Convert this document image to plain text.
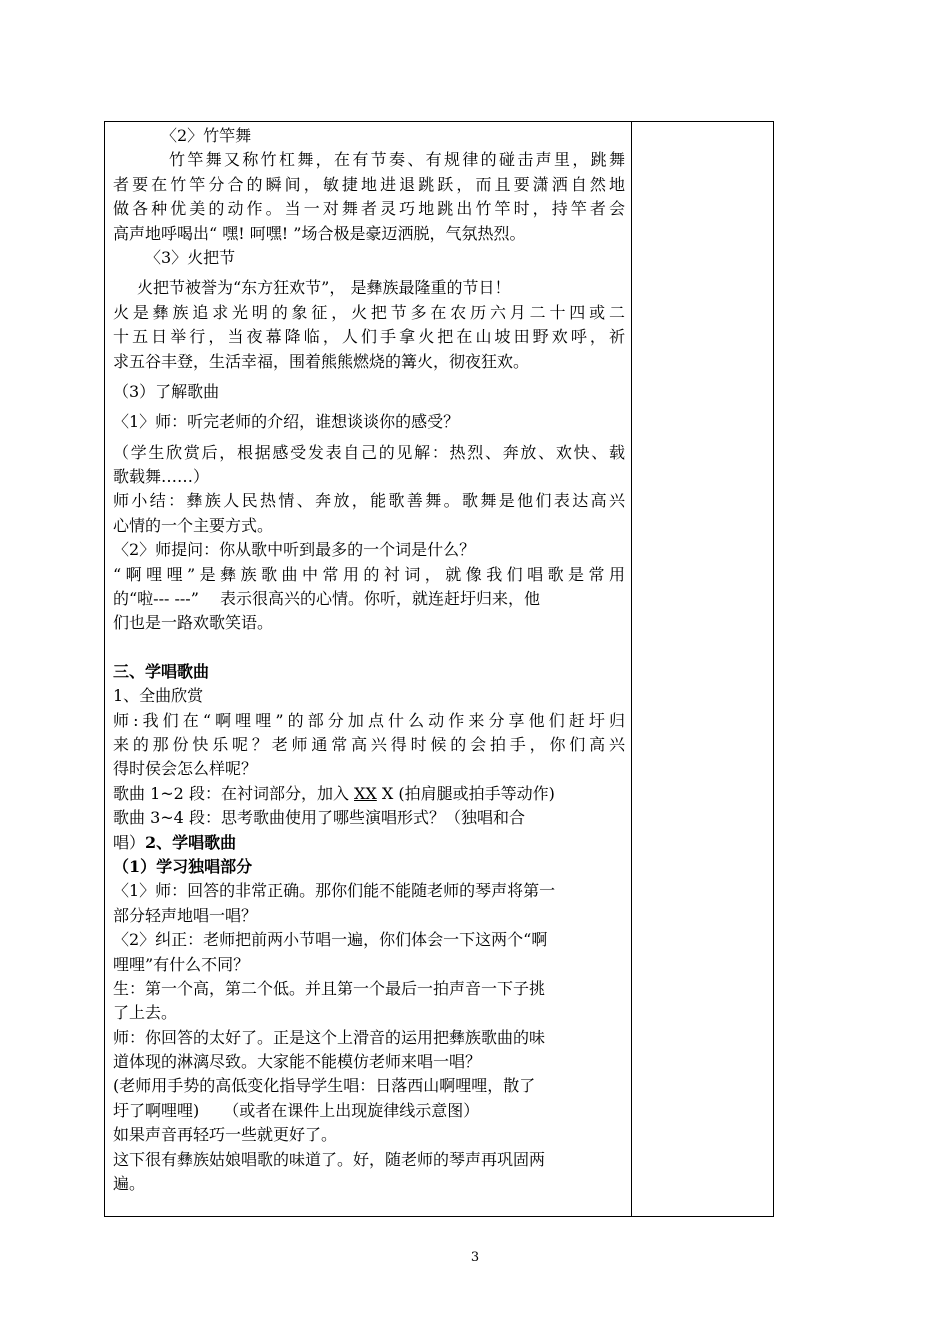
〈2〉竹竿舞
竹竿舞又称竹杠舞，在有节奏、有规律的碰击声里，跳舞
者要在竹竿分合的瞬间，敏捷地进退跳跃，而且要潇洒自然地
做各种优美的动作。当一对舞者灵巧地跳出竹竿时，持竿者会
高声地呼喝出“ 嘿! 呵嘿! ”场合极是豪迈洒脱，气氛热烈。
〈3〉火把节
火把节被誉为“东方狂欢节”， 是彝族最隆重的节日！
火是彝族追求光明的象征，火把节多在农历六月二十四或二
十五日举行，当夜幕降临，人们手拿火把在山坡田野欢呼，祈
求五谷丰登，生活幸福，围着熊熊燃烧的篝火，彻夜狂欢。
（3）了解歌曲
〈1〉师：听完老师的介绍，谁想谈谈你的感受？
（学生欣赏后，根据感受发表自己的见解：热烈、奔放、欢快、载
歌载舞……）
师小结：彝族人民热情、奔放，能歌善舞。歌舞是他们表达高兴
心情的一个主要方式。
〈2〉师提问：你从歌中听到最多的一个词是什么？
“啊哩哩”是彝族歌曲中常用的衬词，就像我们唱歌是常用
的“啦--- ---”　 表示很高兴的心情。你听，就连赶圩归来，他
们也是一路欢歌笑语。
三、学唱歌曲
1、全曲欣赏
师:我们在“啊哩哩”的部分加点什么动作来分享他们赶圩归
来的那份快乐呢？老师通常高兴得时候的会拍手，你们高兴
得时侯会怎么样呢？
歌曲 1~2 段：在衬词部分，加入 XX X (拍肩腿或拍手等动作)
歌曲 3~4 段：思考歌曲使用了哪些演唱形式？（独唱和合
唱）2、学唱歌曲
（1）学习独唱部分
〈1〉师：回答的非常正确。那你们能不能随老师的琴声将第一
部分轻声地唱一唱？
〈2〉纠正：老师把前两小节唱一遍，你们体会一下这两个“啊
哩哩”有什么不同？
生：第一个高，第二个低。并且第一个最后一拍声音一下子挑
了上去。
师：你回答的太好了。正是这个上滑音的运用把彝族歌曲的味
道体现的淋漓尽致。大家能不能模仿老师来唱一唱？
(老师用手势的高低变化指导学生唱：日落西山啊哩哩，散了
圩了啊哩哩)　　（或者在课件上出现旋律线示意图）
如果声音再轻巧一些就更好了。
这下很有彝族姑娘唱歌的味道了。好，随老师的琴声再巩固两
遍。
3
